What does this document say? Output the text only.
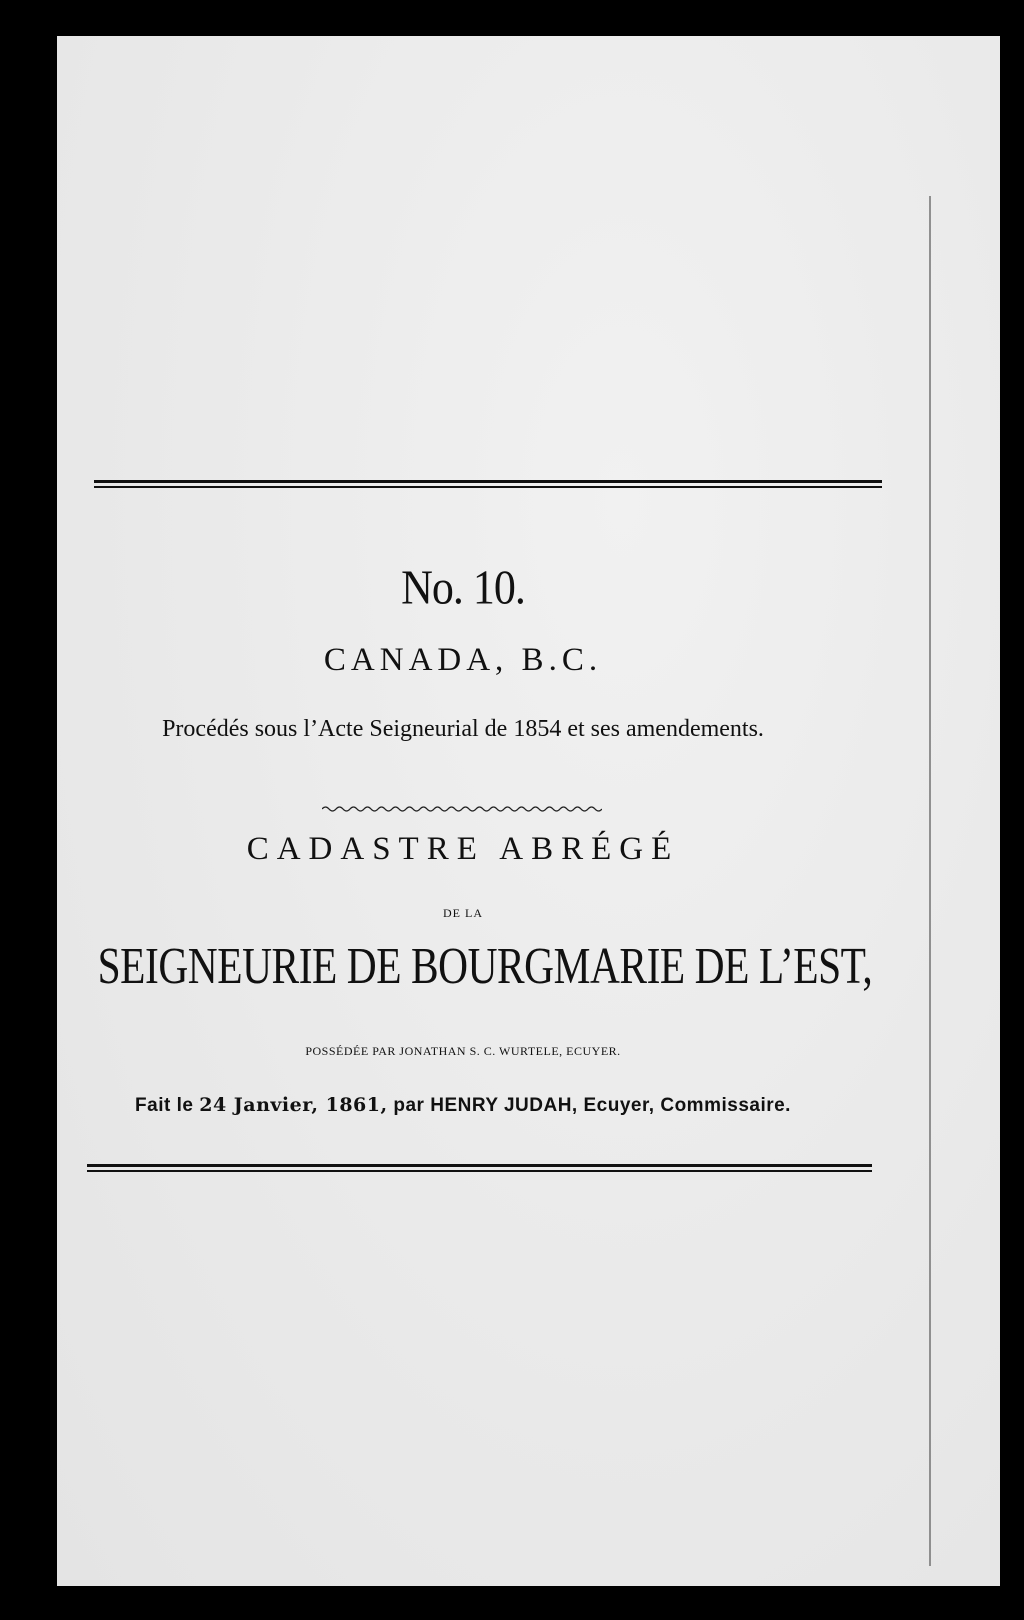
No. 10.
CANADA, B.C.
Procédés sous l’Acte Seigneurial de 1854 et ses amendements.
CADASTRE ABRÉGÉ
DE LA
SEIGNEURIE DE BOURGMARIE DE L’EST,
POSSÉDÉE PAR JONATHAN S. C. WURTELE, ECUYER.
Fait le 24 Janvier, 1861, par HENRY JUDAH, Ecuyer, Commissaire.
